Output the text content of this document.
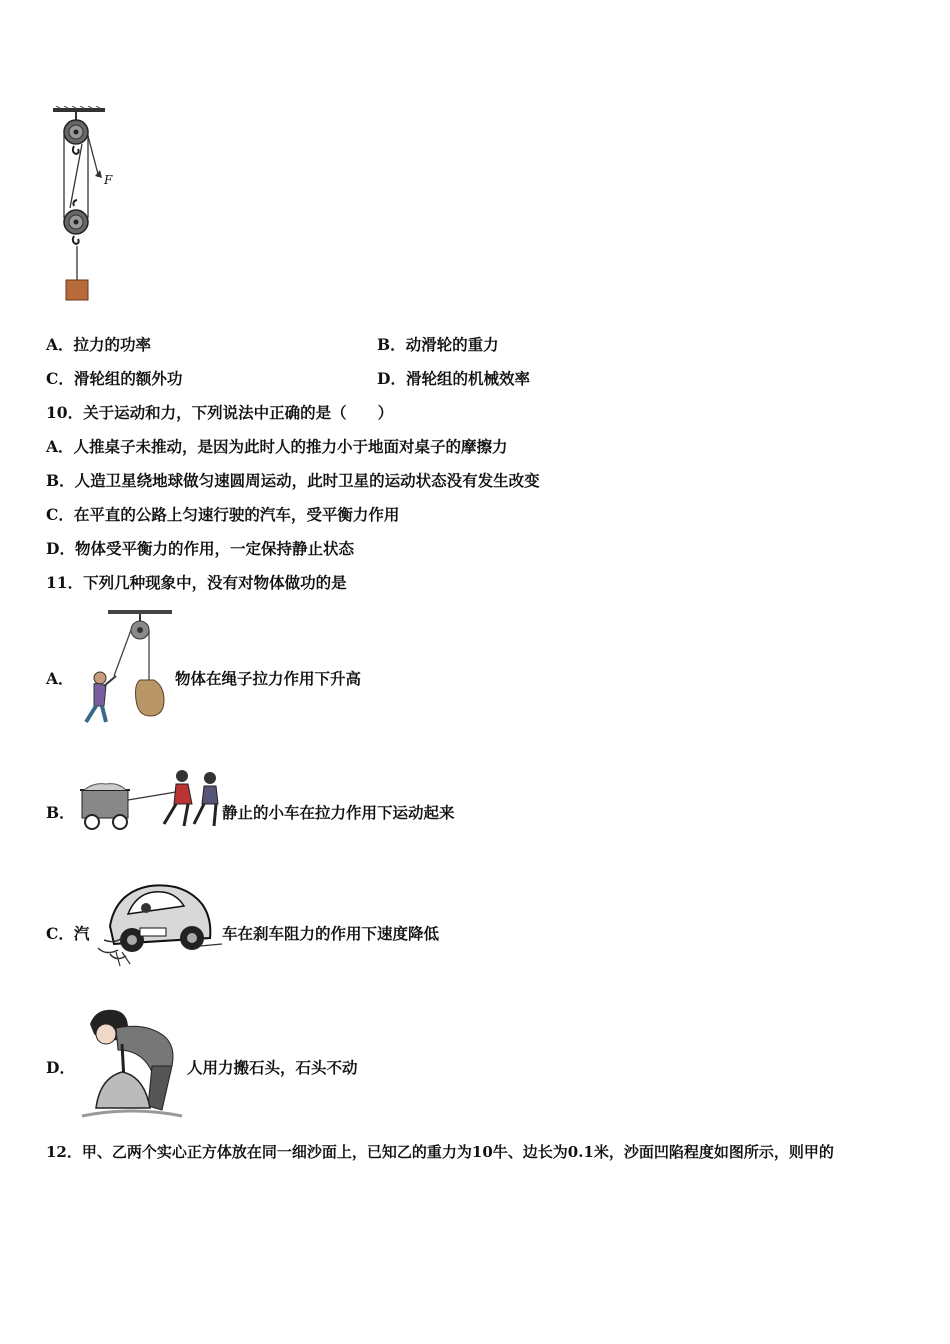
F
A．拉力的功率	B．动滑轮的重力
C．滑轮组的额外功	D．滑轮组的机械效率
10．关于运动和力，下列说法中正确的是（　　）
A．人推桌子未推动，是因为此时人的推力小于地面对桌子的摩擦力
B．人造卫星绕地球做匀速圆周运动，此时卫星的运动状态没有发生改变
C．在平直的公路上匀速行驶的汽车，受平衡力作用
D．物体受平衡力的作用，一定保持静止状态
11．下列几种现象中，没有对物体做功的是
A．	物体在绳子拉力作用下升高
B．	静止的小车在拉力作用下运动起来
C．汽	车在刹车阻力的作用下速度降低
D．	人用力搬石头，石头不动
12．甲、乙两个实心正方体放在同一细沙面上，已知乙的重力为10牛、边长为0.1米，沙面凹陷程度如图所示，则甲的
